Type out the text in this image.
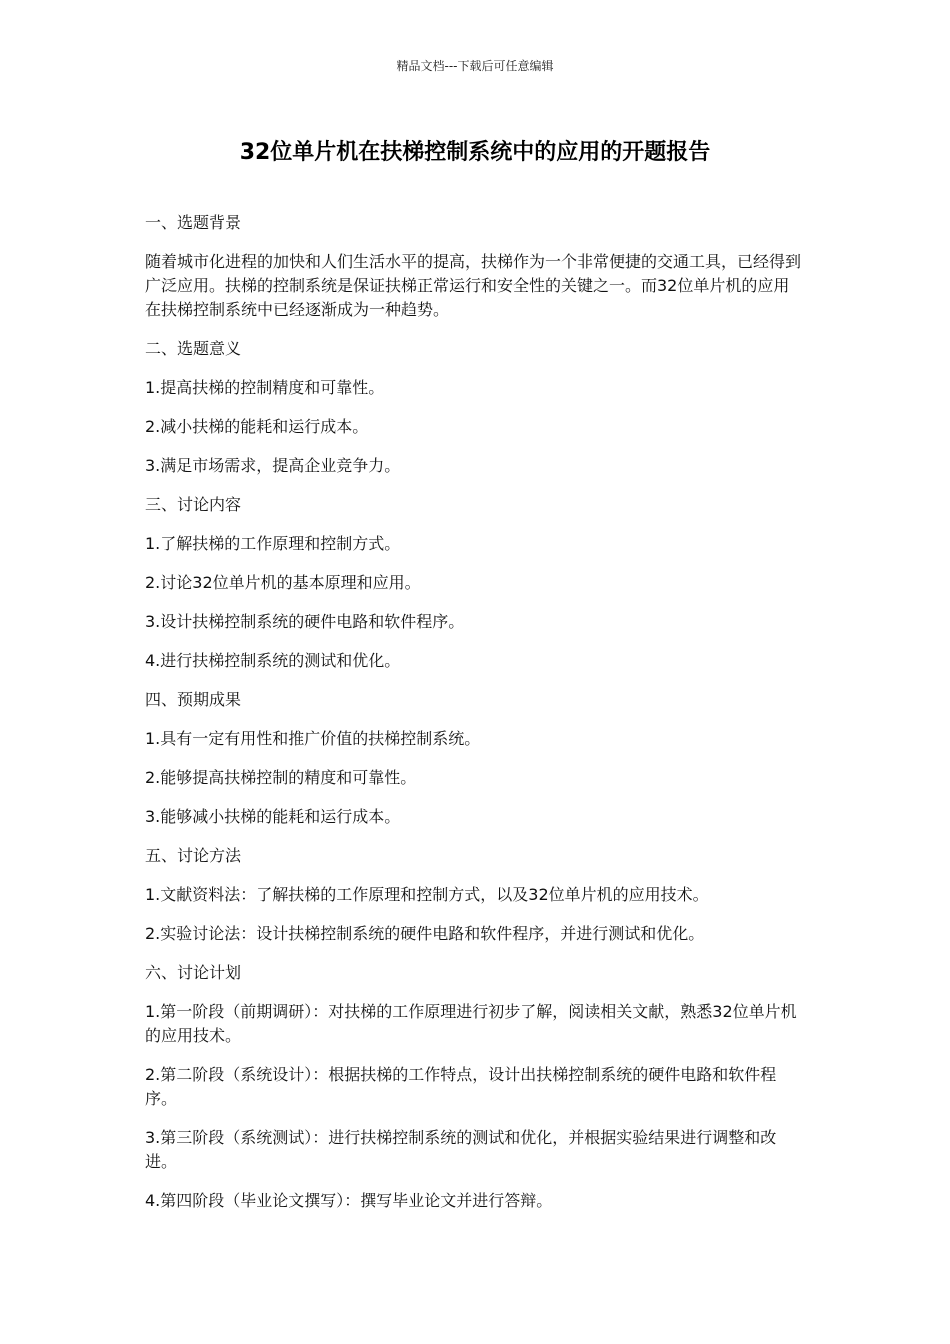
精品文档---下载后可任意编辑
32位单片机在扶梯控制系统中的应用的开题报告

一、选题背景

随着城市化进程的加快和人们生活水平的提高，扶梯作为一个非常便捷的交通工具，已经得到广泛应用。扶梯的控制系统是保证扶梯正常运行和安全性的关键之一。而32位单片机的应用在扶梯控制系统中已经逐渐成为一种趋势。

二、选题意义

1.提高扶梯的控制精度和可靠性。

2.减小扶梯的能耗和运行成本。

3.满足市场需求，提高企业竞争力。

三、讨论内容

1.了解扶梯的工作原理和控制方式。

2.讨论32位单片机的基本原理和应用。

3.设计扶梯控制系统的硬件电路和软件程序。

4.进行扶梯控制系统的测试和优化。

四、预期成果

1.具有一定有用性和推广价值的扶梯控制系统。

2.能够提高扶梯控制的精度和可靠性。

3.能够减小扶梯的能耗和运行成本。

五、讨论方法

1.文献资料法：了解扶梯的工作原理和控制方式，以及32位单片机的应用技术。

2.实验讨论法：设计扶梯控制系统的硬件电路和软件程序，并进行测试和优化。

六、讨论计划

1.第一阶段（前期调研）：对扶梯的工作原理进行初步了解，阅读相关文献，熟悉32位单片机的应用技术。

2.第二阶段（系统设计）：根据扶梯的工作特点，设计出扶梯控制系统的硬件电路和软件程序。

3.第三阶段（系统测试）：进行扶梯控制系统的测试和优化，并根据实验结果进行调整和改进。

4.第四阶段（毕业论文撰写）：撰写毕业论文并进行答辩。
